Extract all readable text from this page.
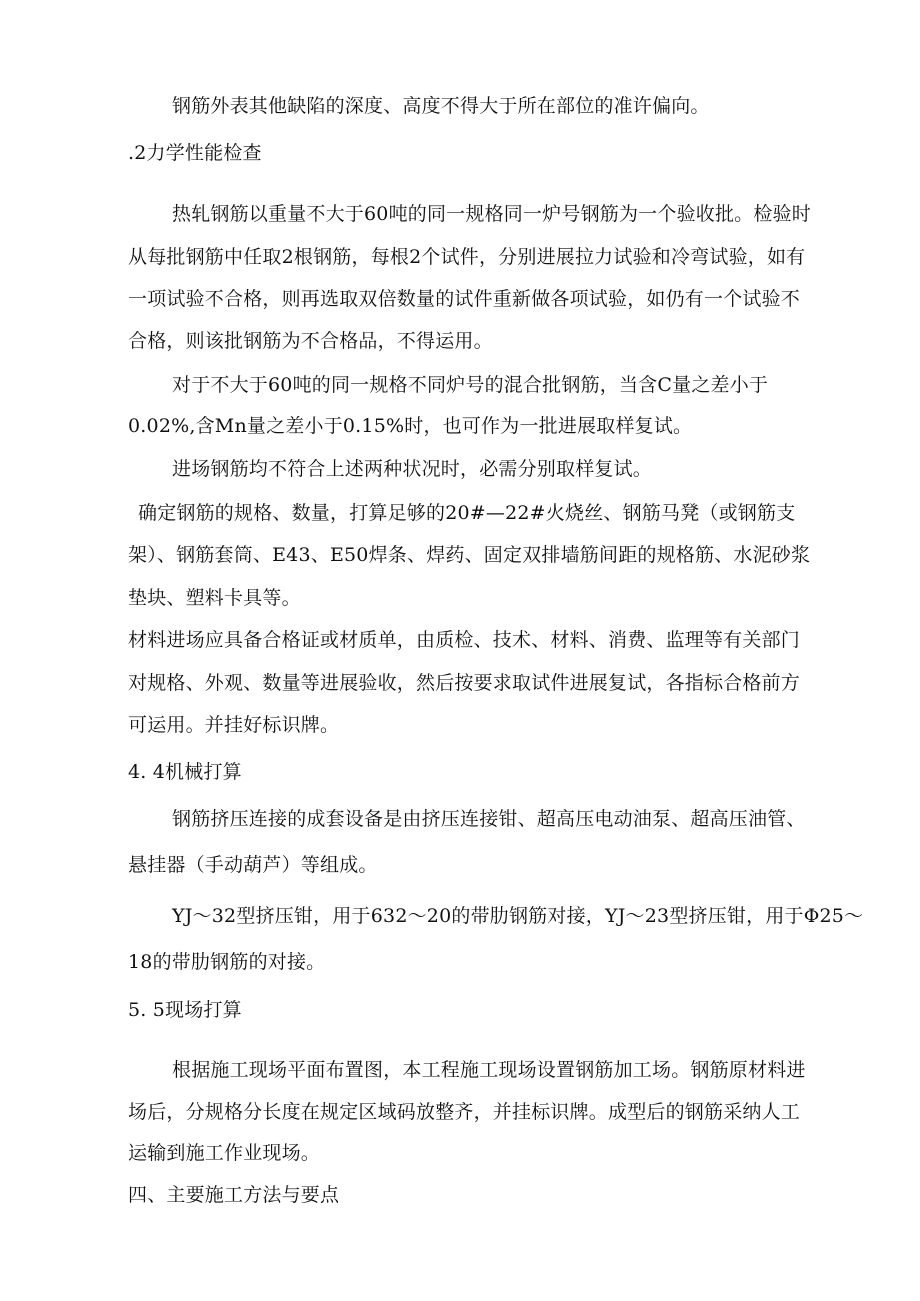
钢筋外表其他缺陷的深度、高度不得大于所在部位的准许偏向。
.2力学性能检查
热轧钢筋以重量不大于60吨的同一规格同一炉号钢筋为一个验收批。检验时
从每批钢筋中任取2根钢筋，每根2个试件，分别进展拉力试验和冷弯试验，如有
一项试验不合格，则再选取双倍数量的试件重新做各项试验，如仍有一个试验不
合格，则该批钢筋为不合格品，不得运用。
对于不大于60吨的同一规格不同炉号的混合批钢筋，当含C量之差小于
0.02%,含Mn量之差小于0.15%时，也可作为一批进展取样复试。
进场钢筋均不符合上述两种状况时，必需分别取样复试。
确定钢筋的规格、数量，打算足够的20#—22#火烧丝、钢筋马凳（或钢筋支
架）、钢筋套筒、E43、E50焊条、焊药、固定双排墙筋间距的规格筋、水泥砂浆
垫块、塑料卡具等。
材料进场应具备合格证或材质单，由质检、技术、材料、消费、监理等有关部门
对规格、外观、数量等进展验收，然后按要求取试件进展复试，各指标合格前方
可运用。并挂好标识牌。
4. 4机械打算
钢筋挤压连接的成套设备是由挤压连接钳、超高压电动油泵、超高压油管、
悬挂器（手动葫芦）等组成。
YJ～32型挤压钳，用于632～20的带肋钢筋对接，YJ～23型挤压钳，用于Φ25～
18的带肋钢筋的对接。
5. 5现场打算
根据施工现场平面布置图，本工程施工现场设置钢筋加工场。钢筋原材料进
场后，分规格分长度在规定区域码放整齐，并挂标识牌。成型后的钢筋采纳人工
运输到施工作业现场。
四、主要施工方法与要点
